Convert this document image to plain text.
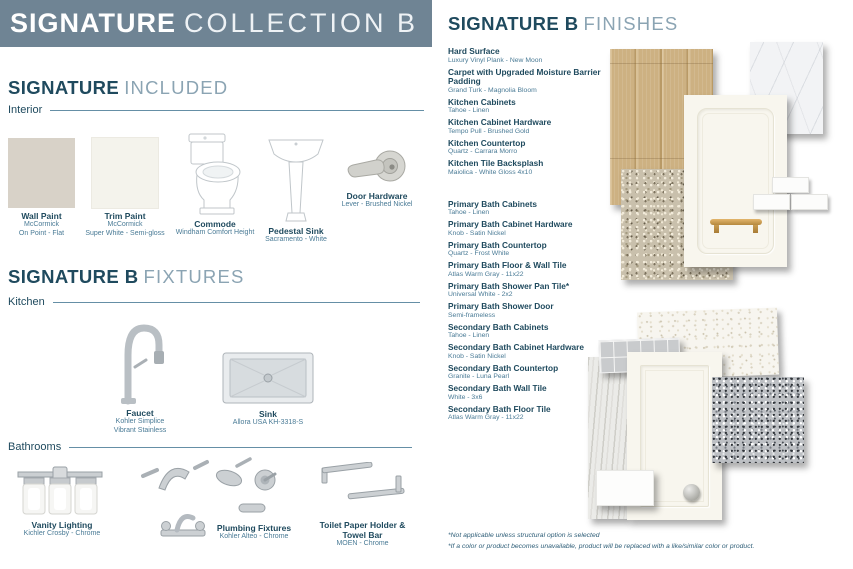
SIGNATURE COLLECTION B
SIGNATURE INCLUDED
Interior
Wall Paint
McCormick
On Point - Flat
Trim Paint
McCormick
Super White - Semi-gloss
Commode
Windham Comfort Height	Pedestal Sink
Sacramento - White
Door Hardware
Lever - Brushed Nickel
SIGNATURE B FIXTURES
Kitchen
Faucet
Kohler Simplice
Vibrant Stainless
Sink
Allora USA KH-3318-S
Bathrooms
Vanity Lighting
Kichler Crosby - Chrome
Plumbing Fixtures
Kohler Alteo - Chrome
Toilet Paper Holder & Towel Bar
MOEN - Chrome
SIGNATURE B FINISHES
Hard Surface
Luxury Vinyl Plank - New Moon
Carpet with Upgraded Moisture Barrier Padding
Grand Turk - Magnolia Bloom
Kitchen Cabinets
Tahoe - Linen
Kitchen Cabinet Hardware
Tempo Pull - Brushed Gold
Kitchen Countertop
Quartz - Carrara Morro
Kitchen Tile Backsplash
Maiolica - White Gloss 4x10
Primary Bath Cabinets
Tahoe - Linen
Primary Bath Cabinet Hardware
Knob - Satin Nickel
Primary Bath Countertop
Quartz - Frost White
Primary Bath Floor & Wall Tile
Atlas Warm Gray - 11x22
Primary Bath Shower Pan Tile*
Universal White - 2x2
Primary Bath Shower Door
Semi-frameless
Secondary Bath Cabinets
Tahoe - Linen
Secondary Bath Cabinet Hardware
Knob - Satin Nickel
Secondary Bath Countertop
Granite - Luna Pearl
Secondary Bath Wall Tile
White - 3x6
Secondary Bath Floor Tile
Atlas Warm Gray - 11x22
*Not applicable unless structural option is selected
*If a color or product becomes unavailable, product will be replaced with a like/similar color or product.
